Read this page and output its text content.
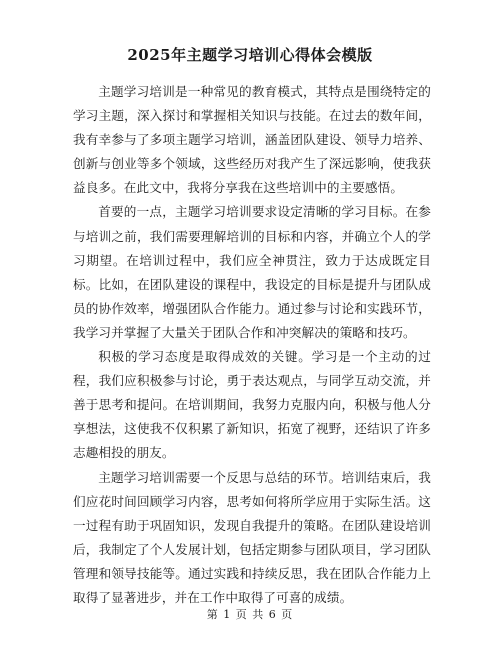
2025年主题学习培训心得体会模版

主题学习培训是一种常见的教育模式，其特点是围绕特定的学习主题，深入探讨和掌握相关知识与技能。在过去的数年间，我有幸参与了多项主题学习培训，涵盖团队建设、领导力培养、创新与创业等多个领域，这些经历对我产生了深远影响，使我获益良多。在此文中，我将分享我在这些培训中的主要感悟。

首要的一点，主题学习培训要求设定清晰的学习目标。在参与培训之前，我们需要理解培训的目标和内容，并确立个人的学习期望。在培训过程中，我们应全神贯注，致力于达成既定目标。比如，在团队建设的课程中，我设定的目标是提升与团队成员的协作效率，增强团队合作能力。通过参与讨论和实践环节，我学习并掌握了大量关于团队合作和冲突解决的策略和技巧。

积极的学习态度是取得成效的关键。学习是一个主动的过程，我们应积极参与讨论，勇于表达观点，与同学互动交流，并善于思考和提问。在培训期间，我努力克服内向，积极与他人分享想法，这使我不仅积累了新知识，拓宽了视野，还结识了许多志趣相投的朋友。

主题学习培训需要一个反思与总结的环节。培训结束后，我们应花时间回顾学习内容，思考如何将所学应用于实际生活。这一过程有助于巩固知识，发现自我提升的策略。在团队建设培训后，我制定了个人发展计划，包括定期参与团队项目，学习团队管理和领导技能等。通过实践和持续反思，我在团队合作能力上取得了显著进步，并在工作中取得了可喜的成绩。

第 1 页 共 6 页
